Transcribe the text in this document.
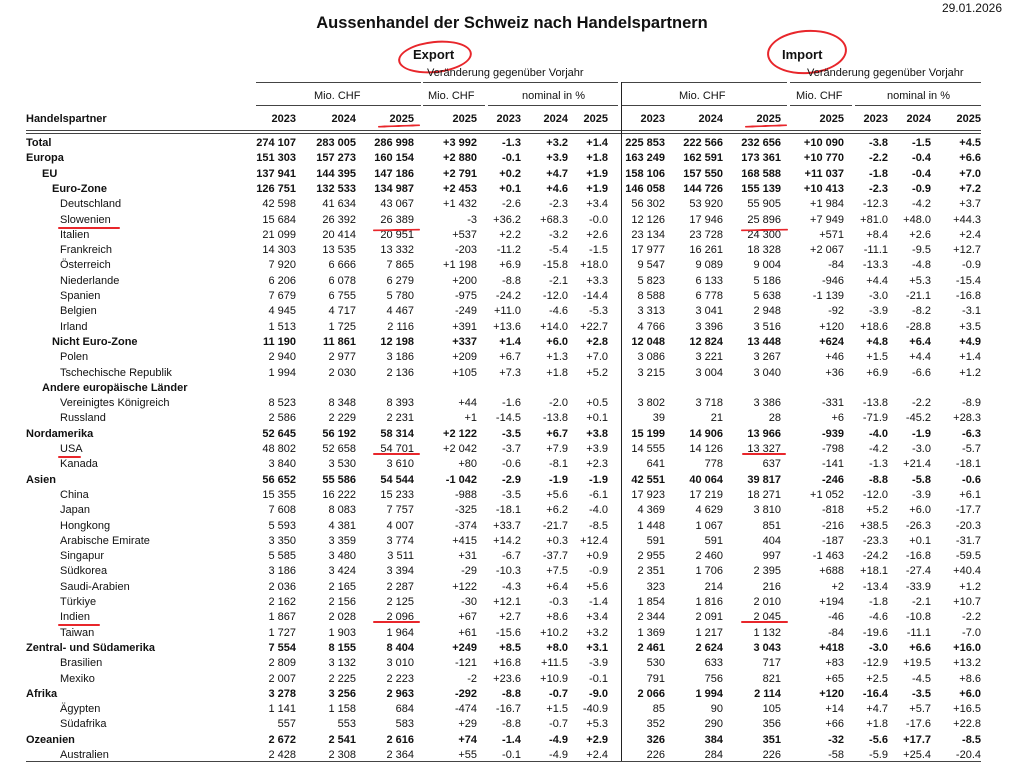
29.01.2026
Aussenhandel der Schweiz nach Handelspartnern
Export	Import
Veränderung gegenüber Vorjahr	Veränderung gegenüber Vorjahr
Mio. CHF	Mio. CHF	nominal in %	Mio. CHF	Mio. CHF	nominal in %
Handelspartner	2023	2024	2025	2025	2023	2024	2025	2023	2024	2025	2025	2023	2024	2025
Total	274 107	283 005	286 998	+3 992	-1.3	+3.2	+1.4	225 853	222 566	232 656	+10 090	-3.8	-1.5	+4.5
Europa	151 303	157 273	160 154	+2 880	-0.1	+3.9	+1.8	163 249	162 591	173 361	+10 770	-2.2	-0.4	+6.6
EU	137 941	144 395	147 186	+2 791	+0.2	+4.7	+1.9	158 106	157 550	168 588	+11 037	-1.8	-0.4	+7.0
Euro-Zone	126 751	132 533	134 987	+2 453	+0.1	+4.6	+1.9	146 058	144 726	155 139	+10 413	-2.3	-0.9	+7.2
Deutschland	42 598	41 634	43 067	+1 432	-2.6	-2.3	+3.4	56 302	53 920	55 905	+1 984	-12.3	-4.2	+3.7
Slowenien	15 684	26 392	26 389	-3	+36.2	+68.3	-0.0	12 126	17 946	25 896	+7 949	+81.0	+48.0	+44.3
Italien	21 099	20 414	20 951	+537	+2.2	-3.2	+2.6	23 134	23 728	24 300	+571	+8.4	+2.6	+2.4
Frankreich	14 303	13 535	13 332	-203	-11.2	-5.4	-1.5	17 977	16 261	18 328	+2 067	-11.1	-9.5	+12.7
Österreich	7 920	6 666	7 865	+1 198	+6.9	-15.8	+18.0	9 547	9 089	9 004	-84	-13.3	-4.8	-0.9
Niederlande	6 206	6 078	6 279	+200	-8.8	-2.1	+3.3	5 823	6 133	5 186	-946	+4.4	+5.3	-15.4
Spanien	7 679	6 755	5 780	-975	-24.2	-12.0	-14.4	8 588	6 778	5 638	-1 139	-3.0	-21.1	-16.8
Belgien	4 945	4 717	4 467	-249	+11.0	-4.6	-5.3	3 313	3 041	2 948	-92	-3.9	-8.2	-3.1
Irland	1 513	1 725	2 116	+391	+13.6	+14.0	+22.7	4 766	3 396	3 516	+120	+18.6	-28.8	+3.5
Nicht Euro-Zone	11 190	11 861	12 198	+337	+1.4	+6.0	+2.8	12 048	12 824	13 448	+624	+4.8	+6.4	+4.9
Polen	2 940	2 977	3 186	+209	+6.7	+1.3	+7.0	3 086	3 221	3 267	+46	+1.5	+4.4	+1.4
Tschechische Republik	1 994	2 030	2 136	+105	+7.3	+1.8	+5.2	3 215	3 004	3 040	+36	+6.9	-6.6	+1.2
Andere europäische Länder
Vereinigtes Königreich	8 523	8 348	8 393	+44	-1.6	-2.0	+0.5	3 802	3 718	3 386	-331	-13.8	-2.2	-8.9
Russland	2 586	2 229	2 231	+1	-14.5	-13.8	+0.1	39	21	28	+6	-71.9	-45.2	+28.3
Nordamerika	52 645	56 192	58 314	+2 122	-3.5	+6.7	+3.8	15 199	14 906	13 966	-939	-4.0	-1.9	-6.3
USA	48 802	52 658	54 701	+2 042	-3.7	+7.9	+3.9	14 555	14 126	13 327	-798	-4.2	-3.0	-5.7
Kanada	3 840	3 530	3 610	+80	-0.6	-8.1	+2.3	641	778	637	-141	-1.3	+21.4	-18.1
Asien	56 652	55 586	54 544	-1 042	-2.9	-1.9	-1.9	42 551	40 064	39 817	-246	-8.8	-5.8	-0.6
China	15 355	16 222	15 233	-988	-3.5	+5.6	-6.1	17 923	17 219	18 271	+1 052	-12.0	-3.9	+6.1
Japan	7 608	8 083	7 757	-325	-18.1	+6.2	-4.0	4 369	4 629	3 810	-818	+5.2	+6.0	-17.7
Hongkong	5 593	4 381	4 007	-374	+33.7	-21.7	-8.5	1 448	1 067	851	-216	+38.5	-26.3	-20.3
Arabische Emirate	3 350	3 359	3 774	+415	+14.2	+0.3	+12.4	591	591	404	-187	-23.3	+0.1	-31.7
Singapur	5 585	3 480	3 511	+31	-6.7	-37.7	+0.9	2 955	2 460	997	-1 463	-24.2	-16.8	-59.5
Südkorea	3 186	3 424	3 394	-29	-10.3	+7.5	-0.9	2 351	1 706	2 395	+688	+18.1	-27.4	+40.4
Saudi-Arabien	2 036	2 165	2 287	+122	-4.3	+6.4	+5.6	323	214	216	+2	-13.4	-33.9	+1.2
Türkiye	2 162	2 156	2 125	-30	+12.1	-0.3	-1.4	1 854	1 816	2 010	+194	-1.8	-2.1	+10.7
Indien	1 867	2 028	2 096	+67	+2.7	+8.6	+3.4	2 344	2 091	2 045	-46	-4.6	-10.8	-2.2
Taiwan	1 727	1 903	1 964	+61	-15.6	+10.2	+3.2	1 369	1 217	1 132	-84	-19.6	-11.1	-7.0
Zentral- und Südamerika	7 554	8 155	8 404	+249	+8.5	+8.0	+3.1	2 461	2 624	3 043	+418	-3.0	+6.6	+16.0
Brasilien	2 809	3 132	3 010	-121	+16.8	+11.5	-3.9	530	633	717	+83	-12.9	+19.5	+13.2
Mexiko	2 007	2 225	2 223	-2	+23.6	+10.9	-0.1	791	756	821	+65	+2.5	-4.5	+8.6
Afrika	3 278	3 256	2 963	-292	-8.8	-0.7	-9.0	2 066	1 994	2 114	+120	-16.4	-3.5	+6.0
Ägypten	1 141	1 158	684	-474	-16.7	+1.5	-40.9	85	90	105	+14	+4.7	+5.7	+16.5
Südafrika	557	553	583	+29	-8.8	-0.7	+5.3	352	290	356	+66	+1.8	-17.6	+22.8
Ozeanien	2 672	2 541	2 616	+74	-1.4	-4.9	+2.9	326	384	351	-32	-5.6	+17.7	-8.5
Australien	2 428	2 308	2 364	+55	-0.1	-4.9	+2.4	226	284	226	-58	-5.9	+25.4	-20.4
